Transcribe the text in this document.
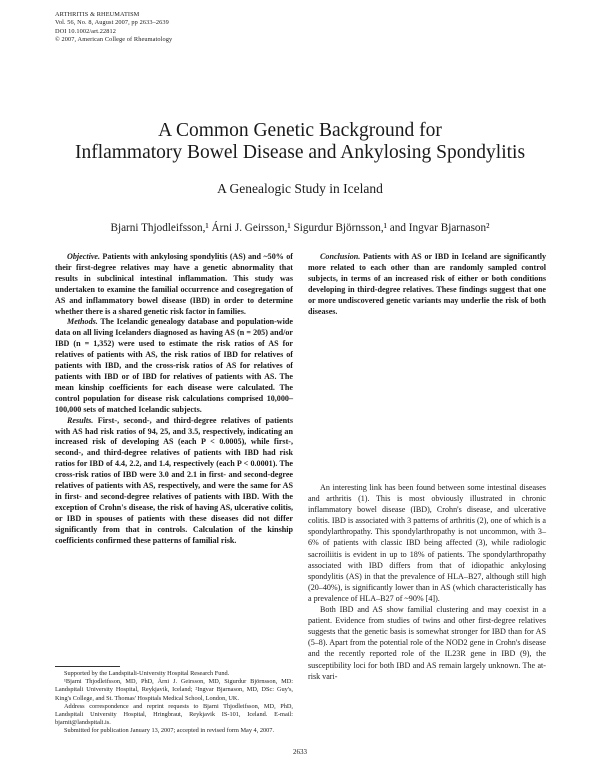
ARTHRITIS & RHEUMATISM
Vol. 56, No. 8, August 2007, pp 2633–2639
DOI 10.1002/art.22812
© 2007, American College of Rheumatology
A Common Genetic Background for
Inflammatory Bowel Disease and Ankylosing Spondylitis
A Genealogic Study in Iceland
Bjarni Thjodleifsson,¹ Árni J. Geirsson,¹ Sigurdur Björnsson,¹ and Ingvar Bjarnason²

Objective. Patients with ankylosing spondylitis (AS) and ~50% of their first-degree relatives may have a genetic abnormality that results in subclinical intestinal inflammation. This study was undertaken to examine the familial occurrence and cosegregation of AS and inflammatory bowel disease (IBD) in order to determine whether there is a shared genetic risk factor in families.

Methods. The Icelandic genealogy database and population-wide data on all living Icelanders diagnosed as having AS (n = 205) and/or IBD (n = 1,352) were used to estimate the risk ratios of AS for relatives of patients with AS, the risk ratios of IBD for relatives of patients with IBD, and the cross-risk ratios of AS for relatives of patients with IBD or of IBD for relatives of patients with AS. The mean kinship coefficients for each disease were calculated. The control population for disease risk calculations comprised 10,000–100,000 sets of matched Icelandic subjects.

Results. First-, second-, and third-degree relatives of patients with AS had risk ratios of 94, 25, and 3.5, respectively, indicating an increased risk of developing AS (each P < 0.0005), while first-, second-, and third-degree relatives of patients with IBD had risk ratios for IBD of 4.4, 2.2, and 1.4, respectively (each P < 0.0001). The cross-risk ratios of IBD were 3.0 and 2.1 in first- and second-degree relatives of patients with AS, respectively, and were the same for AS in first- and second-degree relatives of patients with IBD. With the exception of Crohn's disease, the risk of having AS, ulcerative colitis, or IBD in spouses of patients with these diseases did not differ significantly from that in controls. Calculation of the kinship coefficients confirmed these patterns of familial risk.

Conclusion. Patients with AS or IBD in Iceland are significantly more related to each other than are randomly sampled control subjects, in terms of an increased risk of either or both conditions developing in third-degree relatives. These findings suggest that one or more undiscovered genetic variants may underlie the risk of both diseases.

An interesting link has been found between some intestinal diseases and arthritis (1). This is most obviously illustrated in chronic inflammatory bowel disease (IBD), Crohn's disease, and ulcerative colitis. IBD is associated with 3 patterns of arthritis (2), one of which is a spondylarthropathy. This spondylarthropathy is not uncommon, with 3–6% of patients with classic IBD being affected (3), while radiologic sacroiliitis is evident in up to 18% of patients. The spondylarthropathy associated with IBD differs from that of idiopathic ankylosing spondylitis (AS) in that the prevalence of HLA–B27, although still high (20–40%), is significantly lower than in AS (which characteristically has a prevalence of HLA–B27 of ~90% [4]).

Both IBD and AS show familial clustering and may coexist in a patient. Evidence from studies of twins and other first-degree relatives suggests that the genetic basis is somewhat stronger for IBD than for AS (5–8). Apart from the potential role of the NOD2 gene in Crohn's disease and the recently reported role of the IL23R gene in IBD (9), the susceptibility loci for both IBD and AS remain largely unknown. The at-risk vari-

Supported by the Landspitali-University Hospital Research Fund.

¹Bjarni Thjodleifsson, MD, PhD, Árni J. Geirsson, MD, Sigurdur Björnsson, MD: Landspitali University Hospital, Reykjavik, Iceland; ²Ingvar Bjarnason, MD, DSc: Guy's, King's College, and St. Thomas' Hospitals Medical School, London, UK.

Address correspondence and reprint requests to Bjarni Thjodleifsson, MD, PhD, Landspitali University Hospital, Hringbraut, Reykjavik IS-101, Iceland. E-mail: bjarnit@landspitali.is.

Submitted for publication January 13, 2007; accepted in revised form May 4, 2007.

2633
